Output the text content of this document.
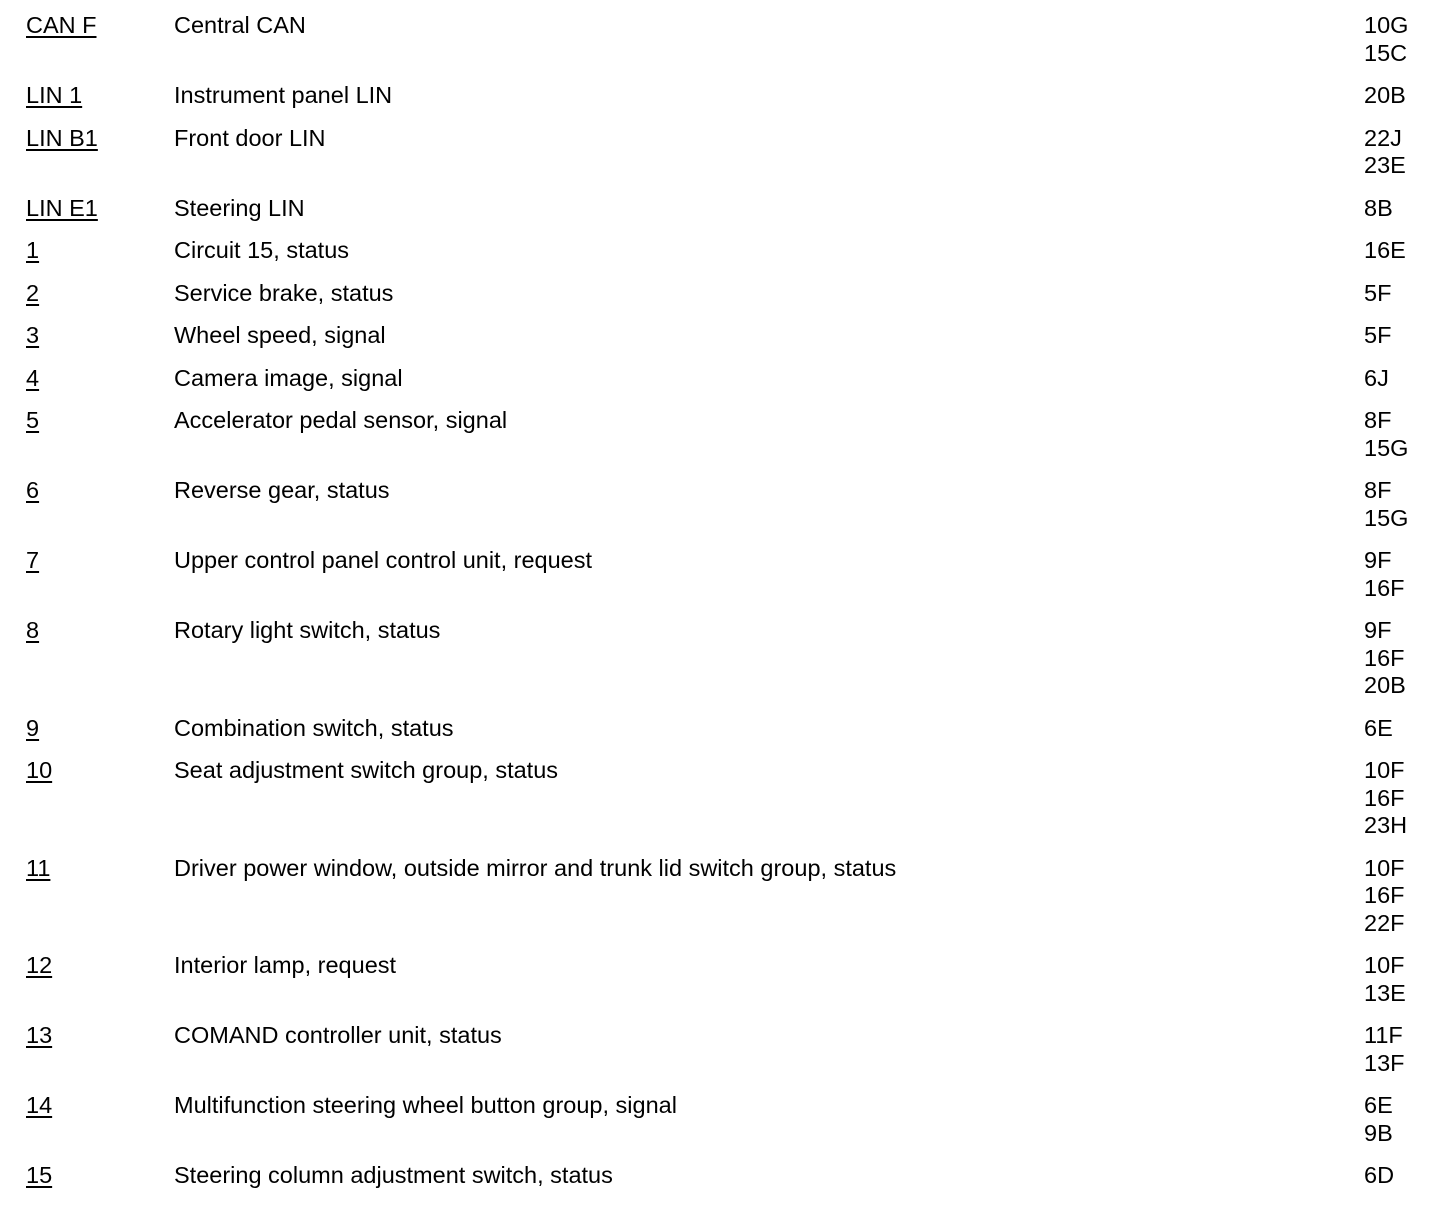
CAN F	Central CAN	10G
15C
LIN 1	Instrument panel LIN	20B
LIN B1	Front door LIN	22J
23E
LIN E1	Steering LIN	8B
1	Circuit 15, status	16E
2	Service brake, status	5F
3	Wheel speed, signal	5F
4	Camera image, signal	6J
5	Accelerator pedal sensor, signal	8F
15G
6	Reverse gear, status	8F
15G
7	Upper control panel control unit, request	9F
16F
8	Rotary light switch, status	9F
16F
20B
9	Combination switch, status	6E
10	Seat adjustment switch group, status	10F
16F
23H
11	Driver power window, outside mirror and trunk lid switch group, status	10F
16F
22F
12	Interior lamp, request	10F
13E
13	COMAND controller unit, status	11F
13F
14	Multifunction steering wheel button group, signal	6E
9B
15	Steering column adjustment switch, status	6D
